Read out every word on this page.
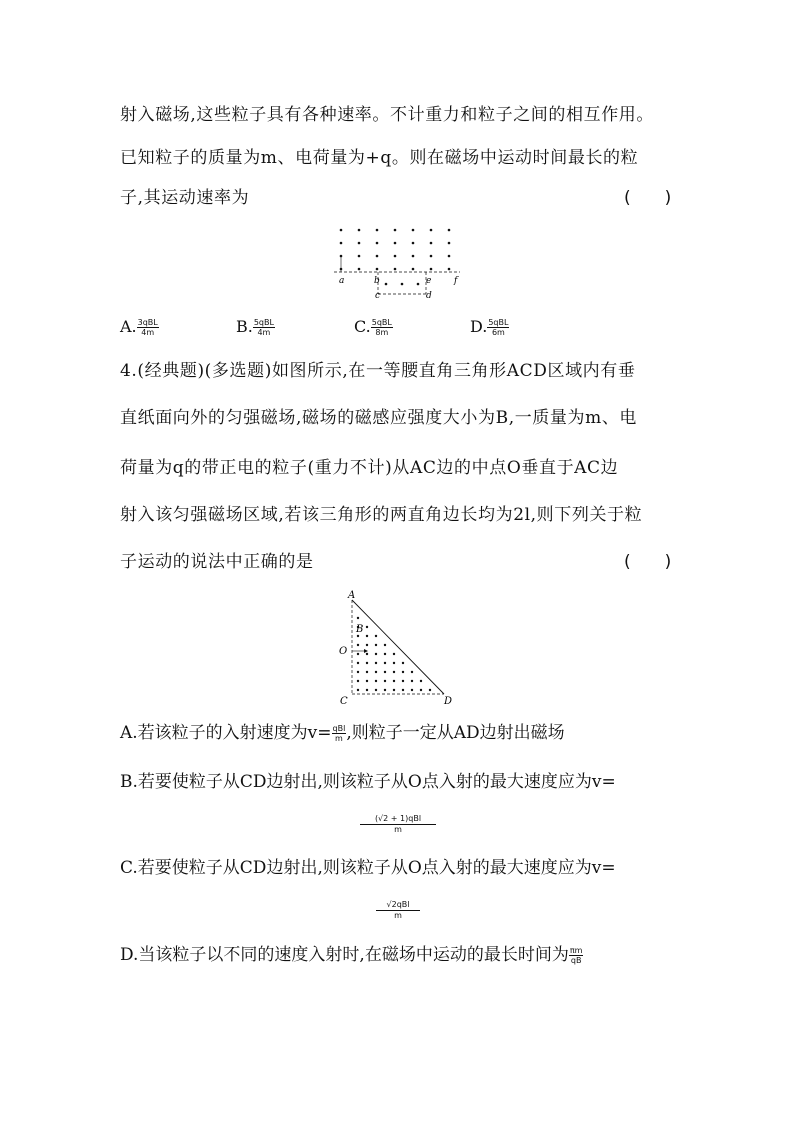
射入磁场,这些粒子具有各种速率。不计重力和粒子之间的相互作用。
已知粒子的质量为m、电荷量为+q。则在磁场中运动时间最长的粒
子,其运动速率为	(　　)
a	b
c	d
e	f
A. $\frac{\text{3qBL}}{4m}$	B. $\frac{\text{5qBL}}{4m}$	C. $\frac{\text{5qBL}}{8m}$	D. $\frac{\text{5qBL}}{6m}$
4.(经典题)(多选题)如图所示,在一等腰直角三角形ACD区域内有垂
直纸面向外的匀强磁场,磁场的磁感应强度大小为B,一质量为m、电
荷量为q的带正电的粒子(重力不计)从AC边的中点O垂直于AC边
射入该匀强磁场区域,若该三角形的两直角边长均为2l,则下列关于粒
子运动的说法中正确的是	(　　)
A
B
O
C	D
A.若该粒子的入射速度为$v= \frac{\text{qBl}}{m}$ ,则粒子一定从AD边射出磁场
B.若要使粒子从CD边射出,则该粒子从O点入射的最大速度应为v=
(√2 + 1)qBl
m
C.若要使粒子从CD边射出,则该粒子从O点入射的最大速度应为v=
√2qBl
m
D.当该粒子以不同的速度入射时,在磁场中运动的最长时间为 $\frac{\pi m}{qB}$
